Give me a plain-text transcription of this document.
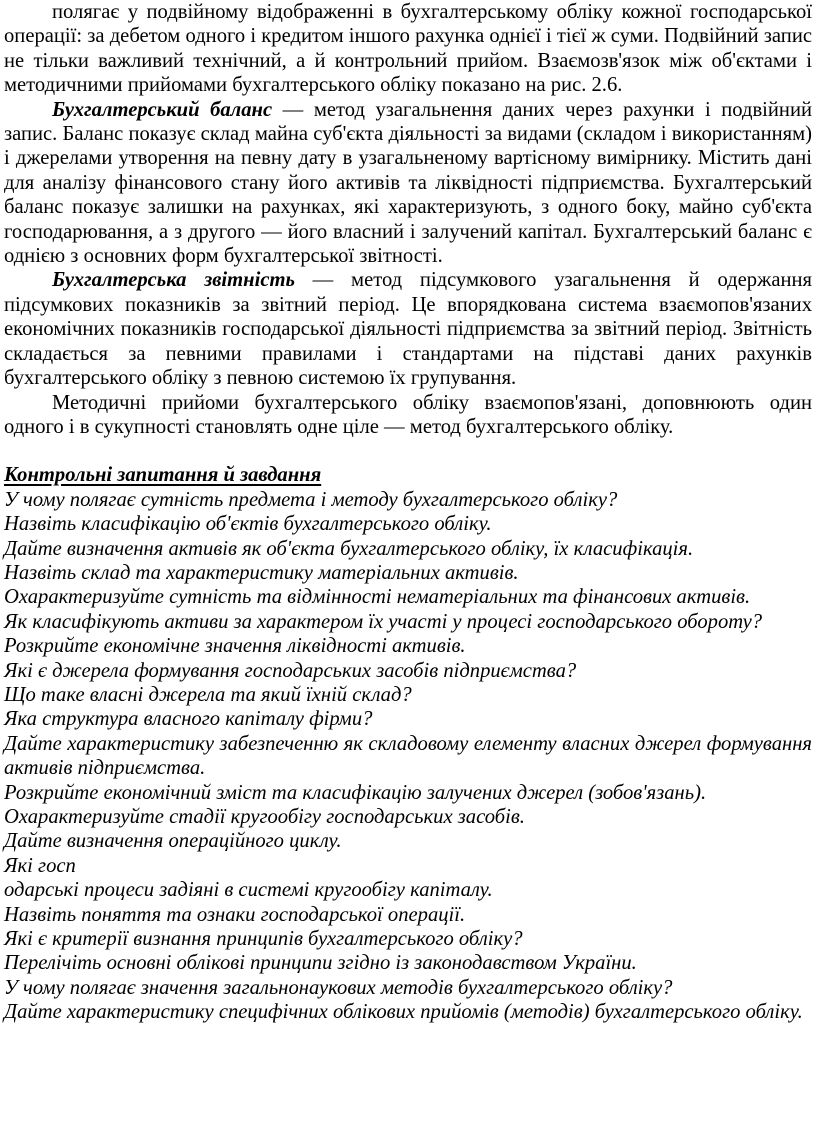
полягає у подвійному відображенні в бухгалтерському обліку кожної господарської операції: за дебетом одного і кредитом іншого рахунка однієї і тієї ж суми. Подвійний запис не тільки важливий технічний, а й контрольний прийом. Взаємозв'язок між об'єктами і методичними прийомами бухгалтерського обліку показано на рис. 2.6.

Бухгалтерський баланс — метод узагальнення даних через рахунки і подвійний запис. Баланс показує склад майна суб'єкта діяльності за видами (складом і використанням) і джерелами утворення на певну дату в узагальненому вартісному вимірнику. Містить дані для аналізу фінансового стану його активів та ліквідності підприємства. Бухгалтерський баланс показує залишки на рахунках, які характеризують, з одного боку, майно суб'єкта господарювання, а з другого — його власний і залучений капітал. Бухгалтерський баланс є однією з основних форм бухгалтерської звітності.

Бухгалтерська звітність — метод підсумкового узагальнення й одержання підсумкових показників за звітний період. Це впорядкована система взаємопов'язаних економічних показників господарської діяльності підприємства за звітний період. Звітність складається за певними правилами і стандартами на підставі даних рахунків бухгалтерського обліку з певною системою їх групування.

Методичні прийоми бухгалтерського обліку взаємопов'язані, доповнюють один одного і в сукупності становлять одне ціле — метод бухгалтерського обліку.

Контрольні запитання й завдання

У чому полягає сутність предмета і методу бухгалтерського обліку?

Назвіть класифікацію об'єктів бухгалтерського обліку.

Дайте визначення активів як об'єкта бухгалтерського обліку, їх класифікація.

Назвіть склад та характеристику матеріальних активів.

Охарактеризуйте сутність та відмінності нематеріальних та фінансових активів.

Як класифікують активи за характером їх участі у процесі господарського обороту?

Розкрийте економічне значення ліквідності активів.

Які є джерела формування господарських засобів підприємства?

Що таке власні джерела та який їхній склад?

Яка структура власного капіталу фірми?

Дайте характеристику забезпеченню як складовому елементу власних джерел формування активів підприємства.

Розкрийте економічний зміст та класифікацію залучених джерел (зобов'язань).

Охарактеризуйте стадії кругообігу господарських засобів.

Дайте визначення операційного циклу.

Які госп

одарські процеси задіяні в системі кругообігу капіталу.

Назвіть поняття та ознаки господарської операції.

Які є критерії визнання принципів бухгалтерського обліку?

Перелічіть основні облікові принципи згідно із законодавством України.

У чому полягає значення загальнонаукових методів бухгалтерського обліку?

Дайте характеристику специфічних облікових прийомів (методів) бухгалтерського обліку.
